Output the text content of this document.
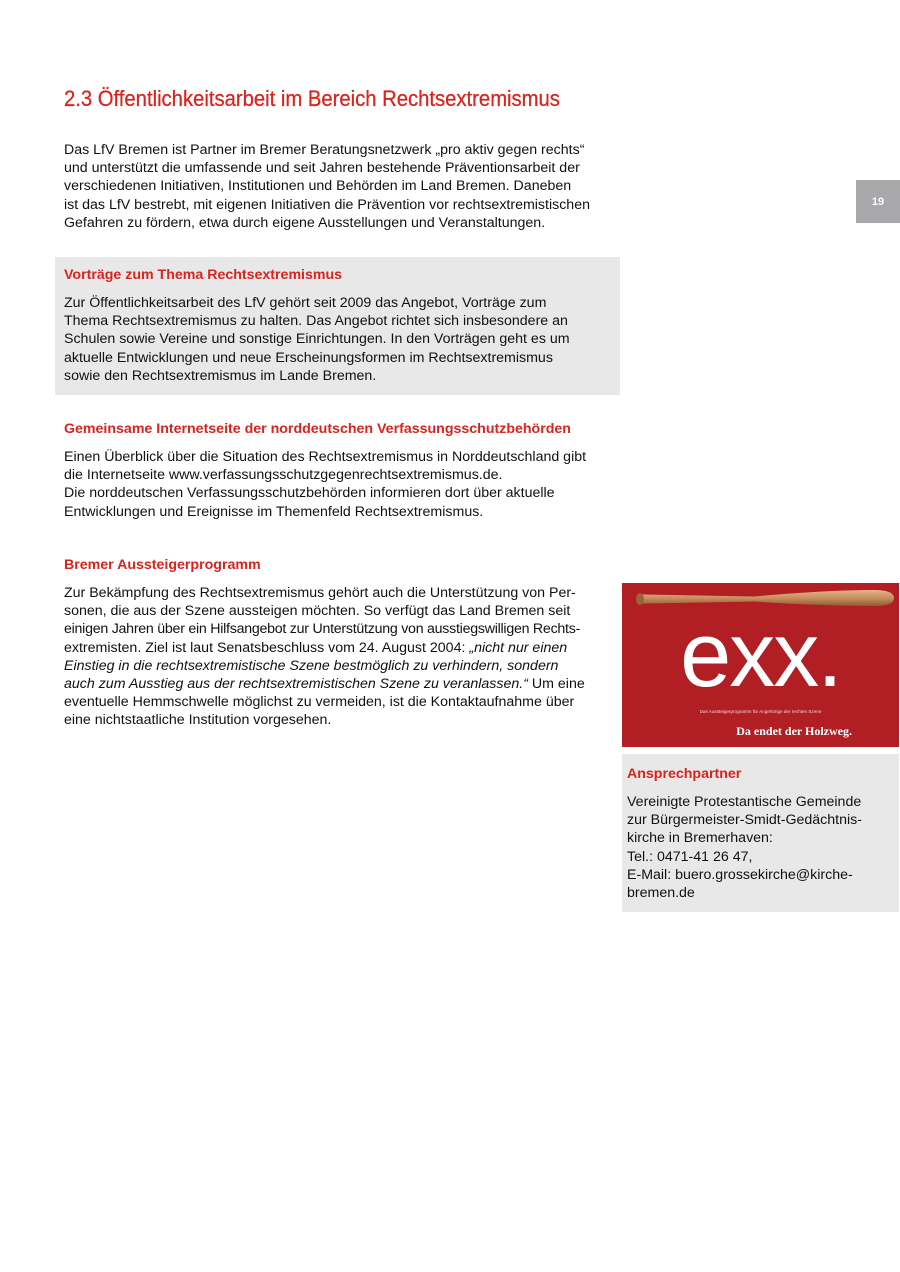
19
2.3 Öffentlichkeitsarbeit im Bereich Rechtsextremismus

Das LfV Bremen ist Partner im Bremer Beratungsnetzwerk „pro aktiv gegen rechts“
und unterstützt die umfassende und seit Jahren bestehende Präventionsarbeit der
verschiedenen Initiativen, Institutionen und Behörden im Land Bremen. Daneben
ist das LfV bestrebt, mit eigenen Initiativen die Prävention vor rechtsextremistischen
Gefahren zu fördern, etwa durch eigene Ausstellungen und Veranstaltungen.

Vorträge zum Thema Rechtsextremismus

Zur Öffentlichkeitsarbeit des LfV gehört seit 2009 das Angebot, Vorträge zum
Thema Rechtsextremismus zu halten. Das Angebot richtet sich insbesondere an
Schulen sowie Vereine und sonstige Einrichtungen. In den Vorträgen geht es um
aktuelle Entwicklungen und neue Erscheinungsformen im Rechtsextremismus
sowie den Rechtsextremismus im Lande Bremen.

Gemeinsame Internetseite der norddeutschen Verfassungsschutzbehörden

Einen Überblick über die Situation des Rechtsextremismus in Norddeutschland gibt
die Internetseite www.verfassungsschutzgegenrechtsextremismus.de.
Die norddeutschen Verfassungsschutzbehörden informieren dort über aktuelle
Entwicklungen und Ereignisse im Themenfeld Rechtsextremismus.

Bremer Aussteigerprogramm

Zur Bekämpfung des Rechtsextremismus gehört auch die Unterstützung von Per-
sonen, die aus der Szene aussteigen möchten. So verfügt das Land Bremen seit
einigen Jahren über ein Hilfsangebot zur Unterstützung von ausstiegswilligen Rechts-
extremisten. Ziel ist laut Senatsbeschluss vom 24. August 2004: „nicht nur einen
Einstieg in die rechtsextremistische Szene bestmöglich zu verhindern, sondern
auch zum Ausstieg aus der rechtsextremistischen Szene zu veranlassen.“ Um eine
eventuelle Hemmschwelle möglichst zu vermeiden, ist die Kontaktaufnahme über
eine nichtstaatliche Institution vorgesehen.

exx.
Das Aussteigerprogramm für Angehörige der rechten Szene
Da endet der Holzweg.
Ansprechpartner

Vereinigte Protestantische Gemeinde
zur Bürgermeister-Smidt-Gedächtnis-
kirche in Bremerhaven:
Tel.: 0471-41 26 47,
E-Mail: buero.grossekirche@kirche-
bremen.de
